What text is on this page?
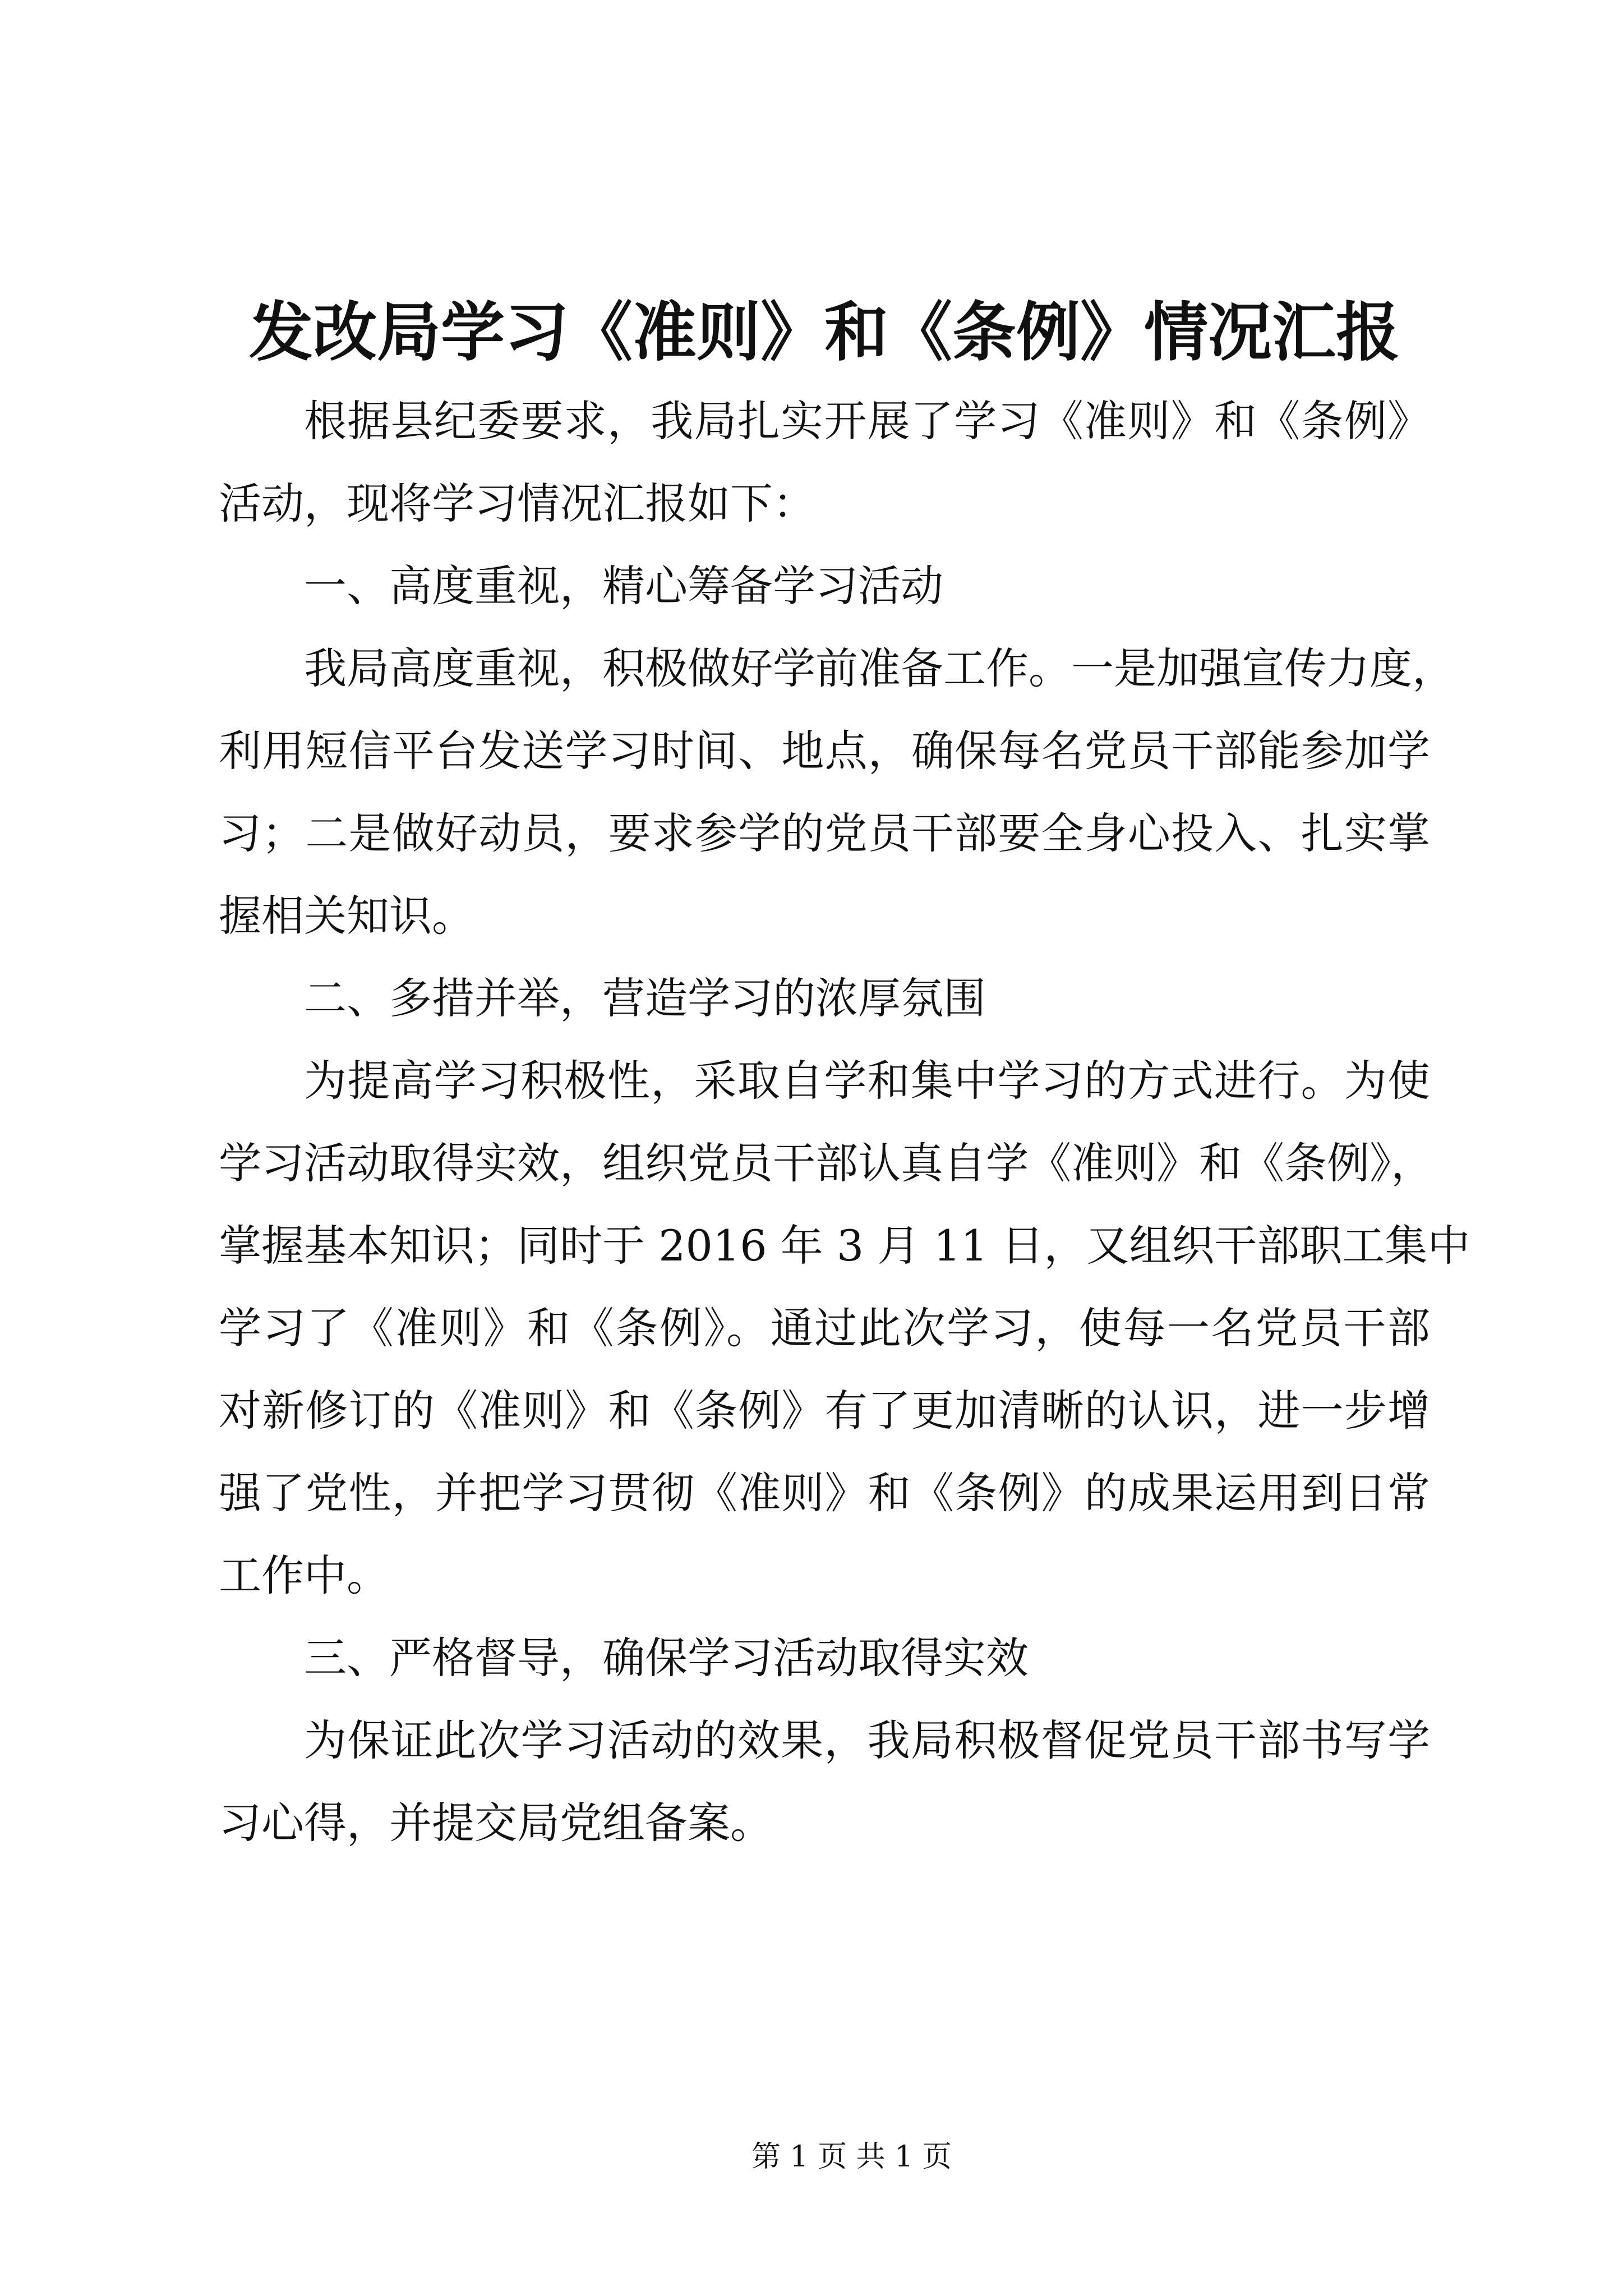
发改局学习《准则》和《条例》情况汇报
根据县纪委要求，我局扎实开展了学习《准则》和《条例》
活动，现将学习情况汇报如下：
一、高度重视，精心筹备学习活动
我局高度重视，积极做好学前准备工作。一是加强宣传力度，
利用短信平台发送学习时间、地点，确保每名党员干部能参加学
习；二是做好动员，要求参学的党员干部要全身心投入、扎实掌
握相关知识。
二、多措并举，营造学习的浓厚氛围
为提高学习积极性，采取自学和集中学习的方式进行。为使
学习活动取得实效，组织党员干部认真自学《准则》和《条例》，
掌握基本知识；同时于 2016 年 3 月 11 日，又组织干部职工集中
学习了《准则》和《条例》。通过此次学习，使每一名党员干部
对新修订的《准则》和《条例》有了更加清晰的认识，进一步增
强了党性，并把学习贯彻《准则》和《条例》的成果运用到日常
工作中。
三、严格督导，确保学习活动取得实效
为保证此次学习活动的效果，我局积极督促党员干部书写学
习心得，并提交局党组备案。
第 1 页 共 1 页
